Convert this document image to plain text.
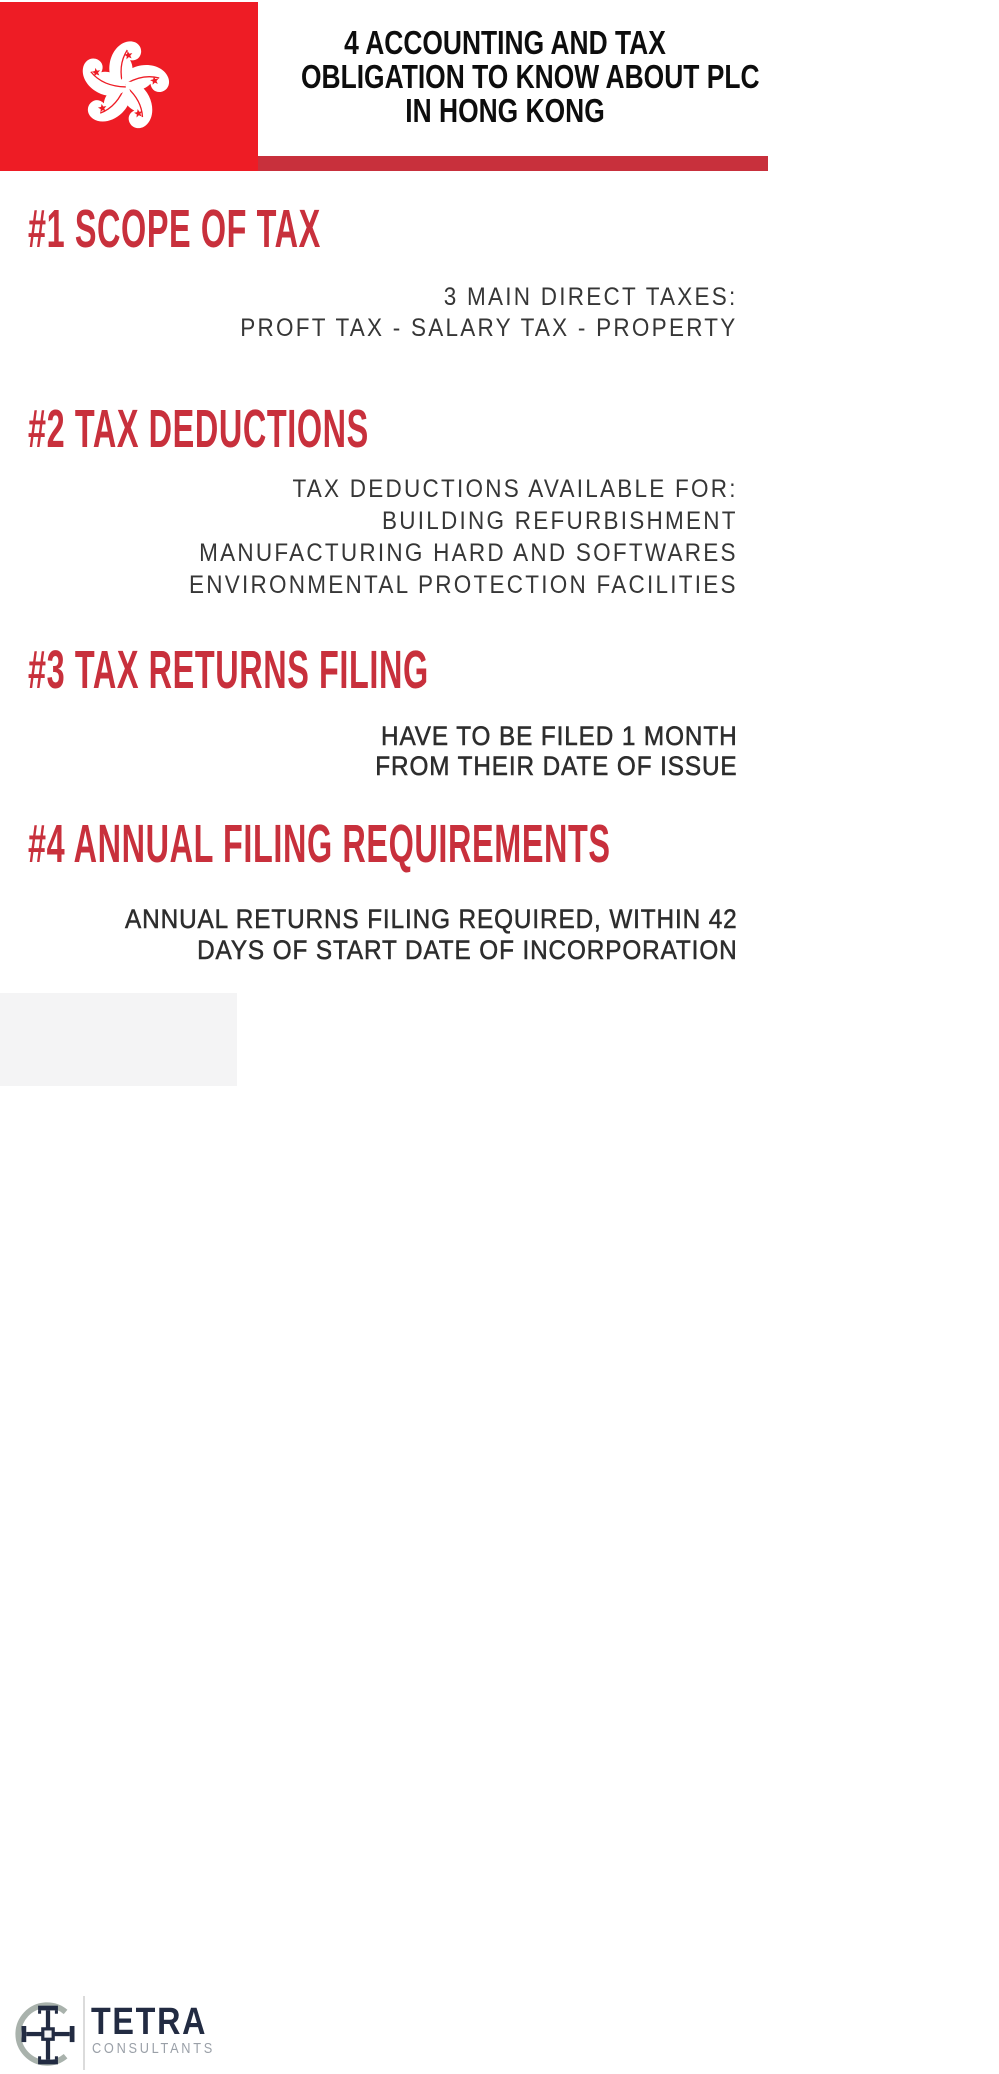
4 ACCOUNTING AND TAX
OBLIGATION TO KNOW ABOUT PLC
IN HONG KONG
#1 SCOPE OF TAX
3 MAIN DIRECT TAXES:
PROFT TAX - SALARY TAX - PROPERTY
#2 TAX DEDUCTIONS
TAX DEDUCTIONS AVAILABLE FOR:
BUILDING REFURBISHMENT
MANUFACTURING HARD AND SOFTWARES
ENVIRONMENTAL PROTECTION FACILITIES
#3 TAX RETURNS FILING
HAVE TO BE FILED 1 MONTH
FROM THEIR DATE OF ISSUE
#4 ANNUAL FILING REQUIREMENTS
ANNUAL RETURNS FILING REQUIRED, WITHIN 42
DAYS OF START DATE OF INCORPORATION
TETRA
CONSULTANTS
